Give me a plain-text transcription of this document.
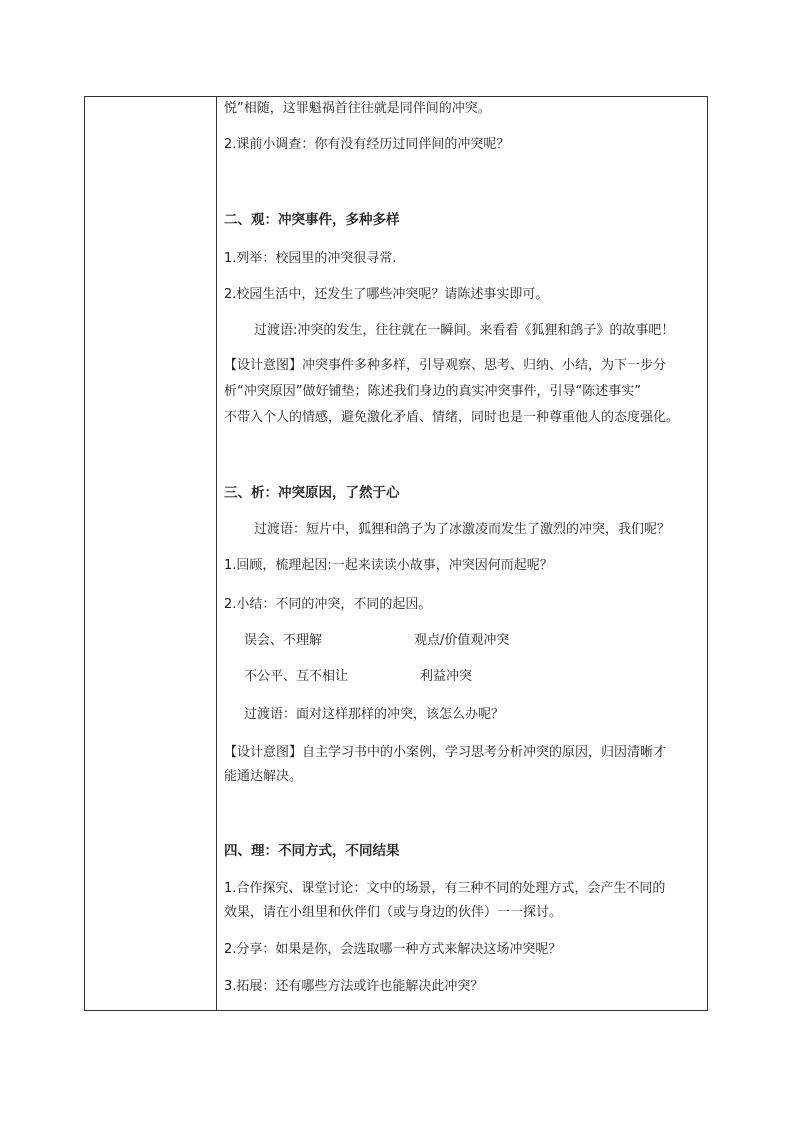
悦”相随，这罪魁祸首往往就是同伴间的冲突。
2.课前小调查：你有没有经历过同伴间的冲突呢？
二、观：冲突事件，多种多样
1.列举：校园里的冲突很寻常.
2.校园生活中，还发生了哪些冲突呢？请陈述事实即可。
过渡语:冲突的发生，往往就在一瞬间。来看看《狐狸和鸽子》的故事吧！
【设计意图】冲突事件多种多样，引导观察、思考、归纳、小结，为下一步分
析“冲突原因”做好铺垫；陈述我们身边的真实冲突事件，引导“陈述事实”
不带入个人的情感，避免激化矛盾、情绪，同时也是一种尊重他人的态度强化。
三、析：冲突原因，了然于心
过渡语：短片中，狐狸和鸽子为了冰激凌而发生了激烈的冲突，我们呢？
1.回顾，梳理起因:一起来读读小故事，冲突因何而起呢？
2.小结：不同的冲突，不同的起因。
误会、不理解	观点/价值观冲突
不公平、互不相让	利益冲突
过渡语：面对这样那样的冲突，该怎么办呢？
【设计意图】自主学习书中的小案例，学习思考分析冲突的原因，归因清晰才
能通达解决。
四、理：不同方式，不同结果
1.合作探究、课堂讨论：文中的场景，有三种不同的处理方式，会产生不同的
效果，请在小组里和伙伴们（或与身边的伙伴）一一探讨。
2.分享：如果是你，会选取哪一种方式来解决这场冲突呢？
3.拓展：还有哪些方法或许也能解决此冲突？
